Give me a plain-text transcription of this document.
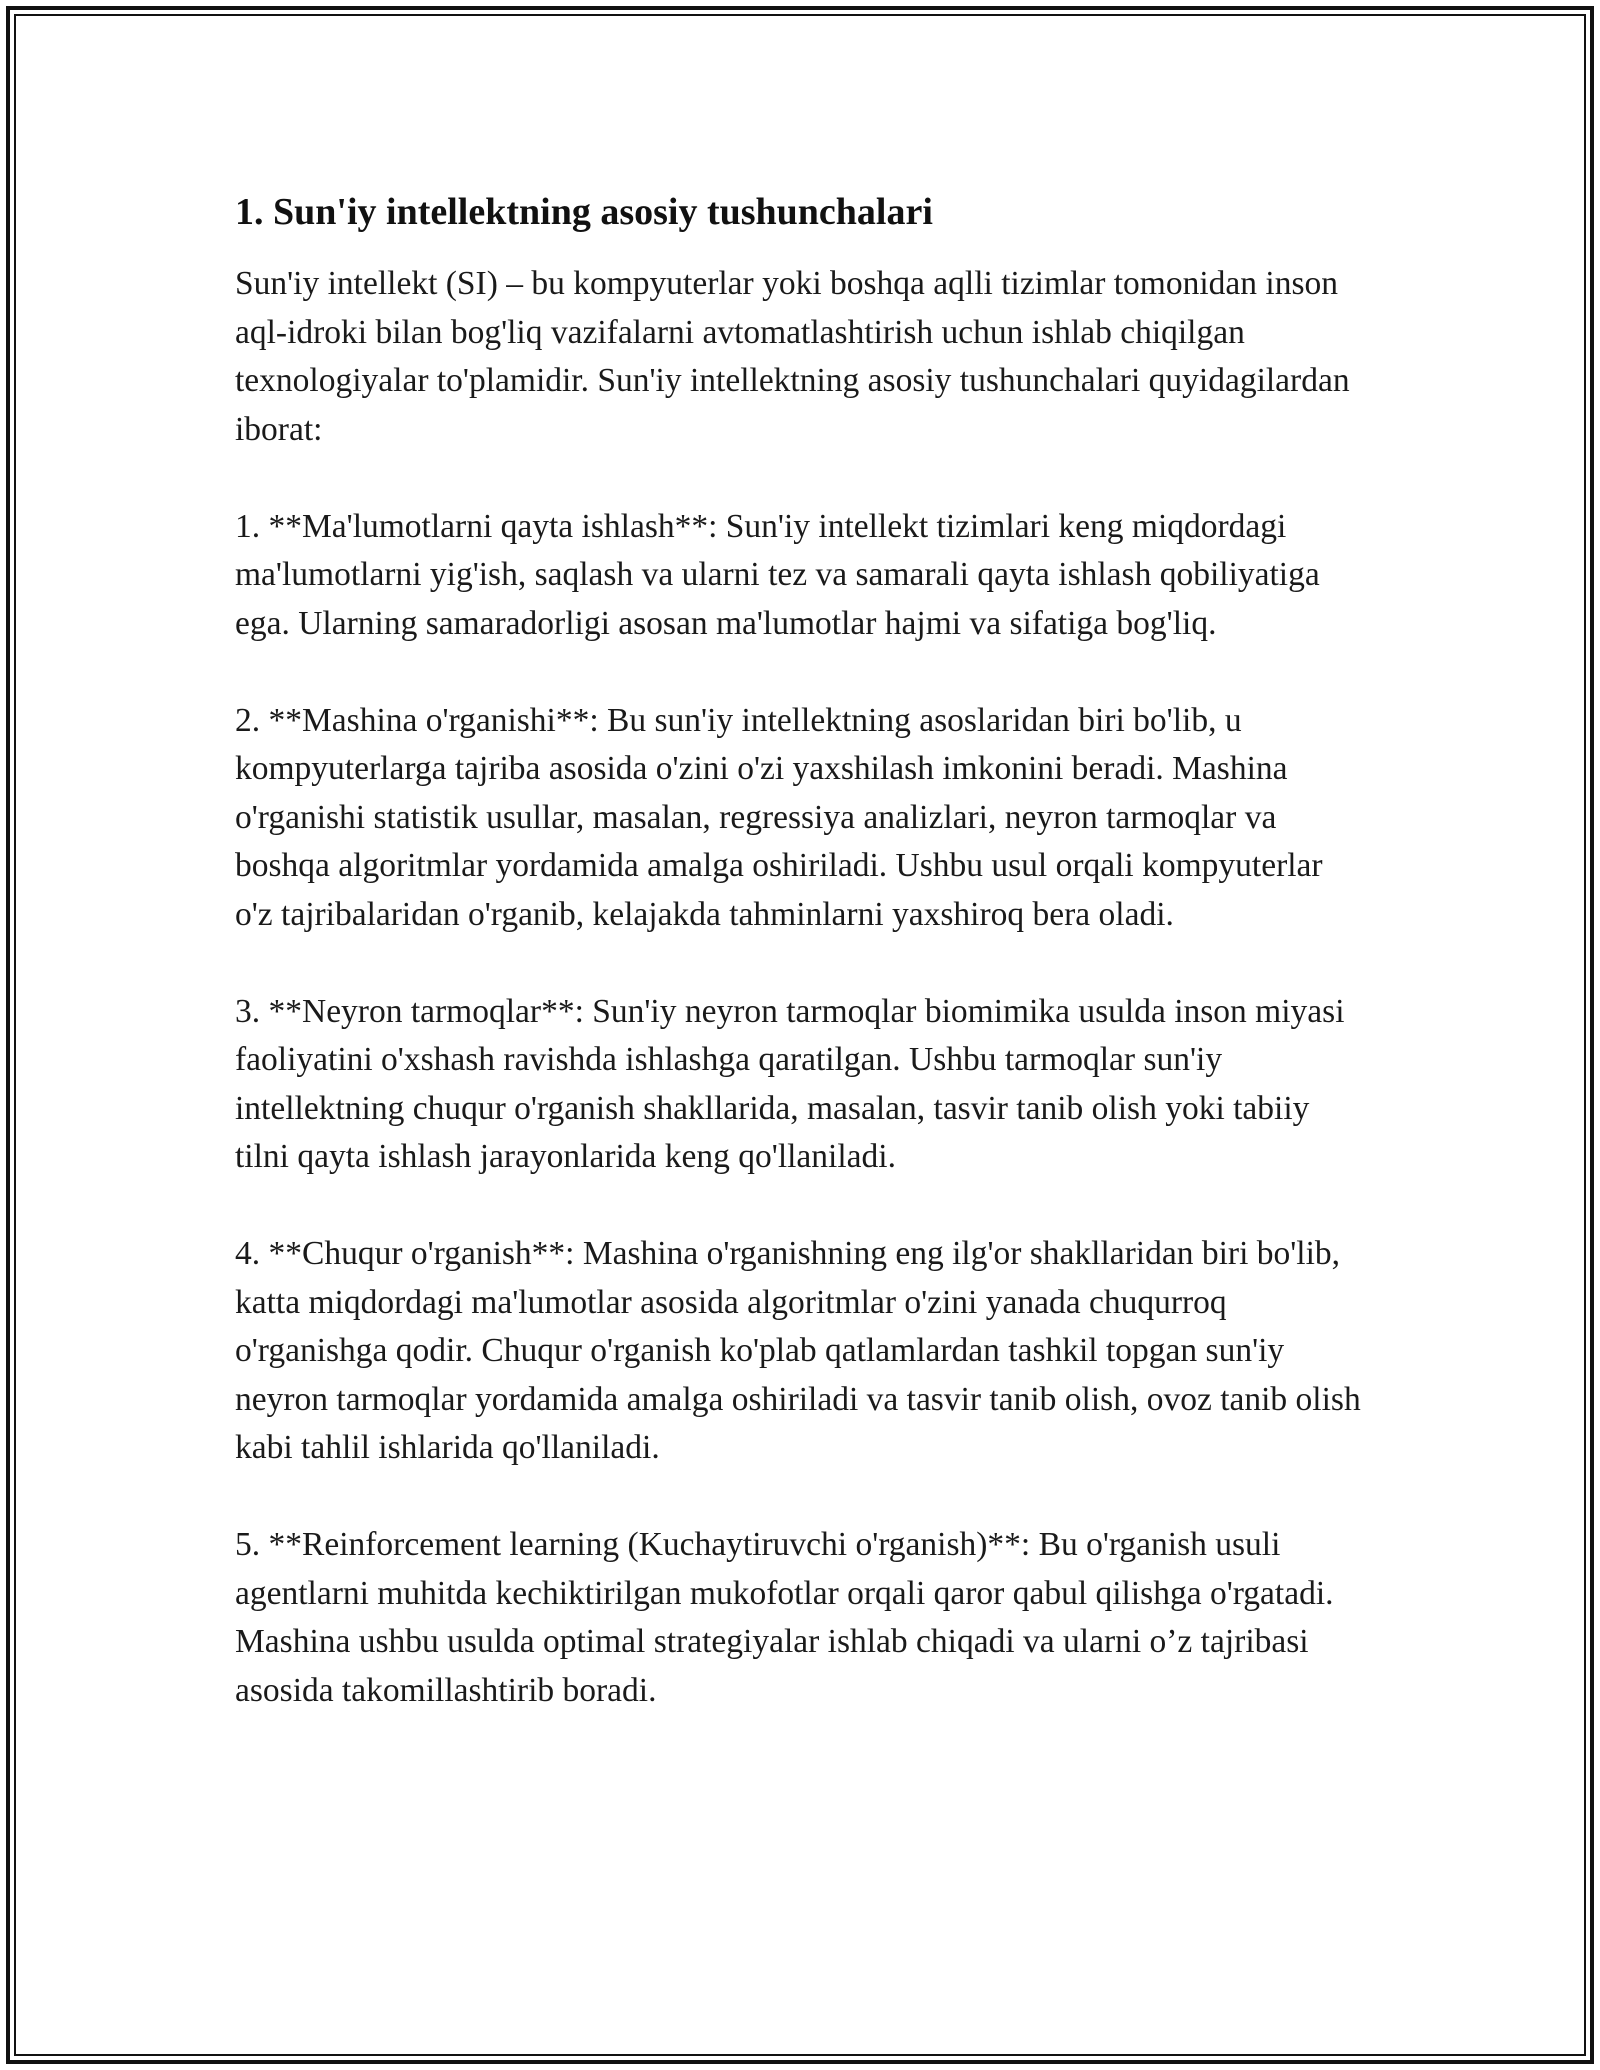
1. Sun'iy intellektning asosiy tushunchalari

Sun'iy intellekt (SI) – bu kompyuterlar yoki boshqa aqlli tizimlar tomonidan inson aql-idroki bilan bog'liq vazifalarni avtomatlashtirish uchun ishlab chiqilgan texnologiyalar to'plamidir. Sun'iy intellektning asosiy tushunchalari quyidagilardan iborat:

1. **Ma'lumotlarni qayta ishlash**: Sun'iy intellekt tizimlari keng miqdordagi ma'lumotlarni yig'ish, saqlash va ularni tez va samarali qayta ishlash qobiliyatiga ega. Ularning samaradorligi asosan ma'lumotlar hajmi va sifatiga bog'liq.

2. **Mashina o'rganishi**: Bu sun'iy intellektning asoslaridan biri bo'lib, u kompyuterlarga tajriba asosida o'zini o'zi yaxshilash imkonini beradi. Mashina o'rganishi statistik usullar, masalan, regressiya analizlari, neyron tarmoqlar va boshqa algoritmlar yordamida amalga oshiriladi. Ushbu usul orqali kompyuterlar o'z tajribalaridan o'rganib, kelajakda tahminlarni yaxshiroq bera oladi.

3. **Neyron tarmoqlar**: Sun'iy neyron tarmoqlar biomimika usulda inson miyasi faoliyatini o'xshash ravishda ishlashga qaratilgan. Ushbu tarmoqlar sun'iy intellektning chuqur o'rganish shakllarida, masalan, tasvir tanib olish yoki tabiiy tilni qayta ishlash jarayonlarida keng qo'llaniladi.

4. **Chuqur o'rganish**: Mashina o'rganishning eng ilg'or shakllaridan biri bo'lib, katta miqdordagi ma'lumotlar asosida algoritmlar o'zini yanada chuqurroq o'rganishga qodir. Chuqur o'rganish ko'plab qatlamlardan tashkil topgan sun'iy neyron tarmoqlar yordamida amalga oshiriladi va tasvir tanib olish, ovoz tanib olish kabi tahlil ishlarida qo'llaniladi.

5. **Reinforcement learning (Kuchaytiruvchi o'rganish)**: Bu o'rganish usuli agentlarni muhitda kechiktirilgan mukofotlar orqali qaror qabul qilishga o'rgatadi. Mashina ushbu usulda optimal strategiyalar ishlab chiqadi va ularni o’z tajribasi asosida takomillashtirib boradi.
